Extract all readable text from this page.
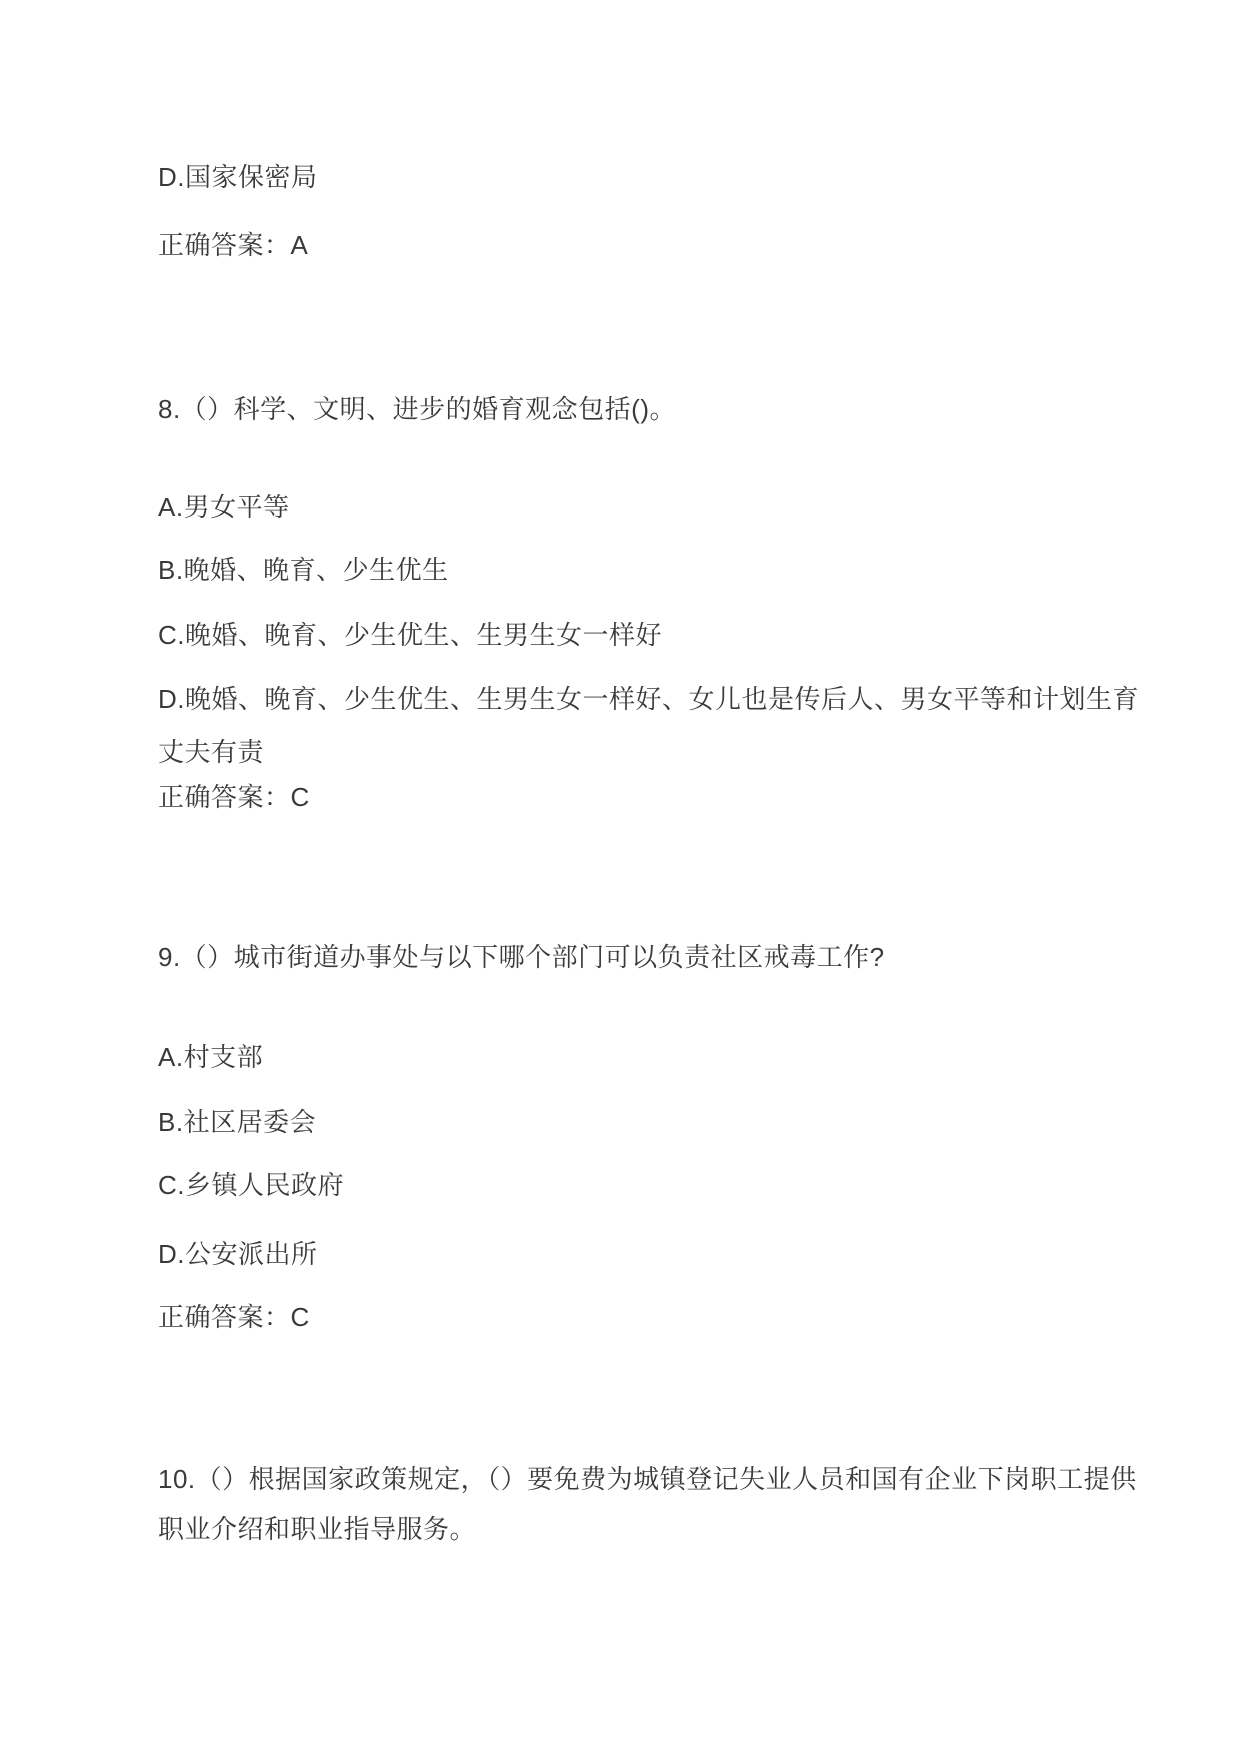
D.国家保密局
正确答案：A
8.（）科学、文明、进步的婚育观念包括()。
A.男女平等
B.晚婚、晚育、少生优生
C.晚婚、晚育、少生优生、生男生女一样好
D.晚婚、晚育、少生优生、生男生女一样好、女儿也是传后人、男女平等和计划生育
丈夫有责
正确答案：C
9.（）城市街道办事处与以下哪个部门可以负责社区戒毒工作?
A.村支部
B.社区居委会
C.乡镇人民政府
D.公安派出所
正确答案：C
10.（）根据国家政策规定，（）要免费为城镇登记失业人员和国有企业下岗职工提供
职业介绍和职业指导服务。
